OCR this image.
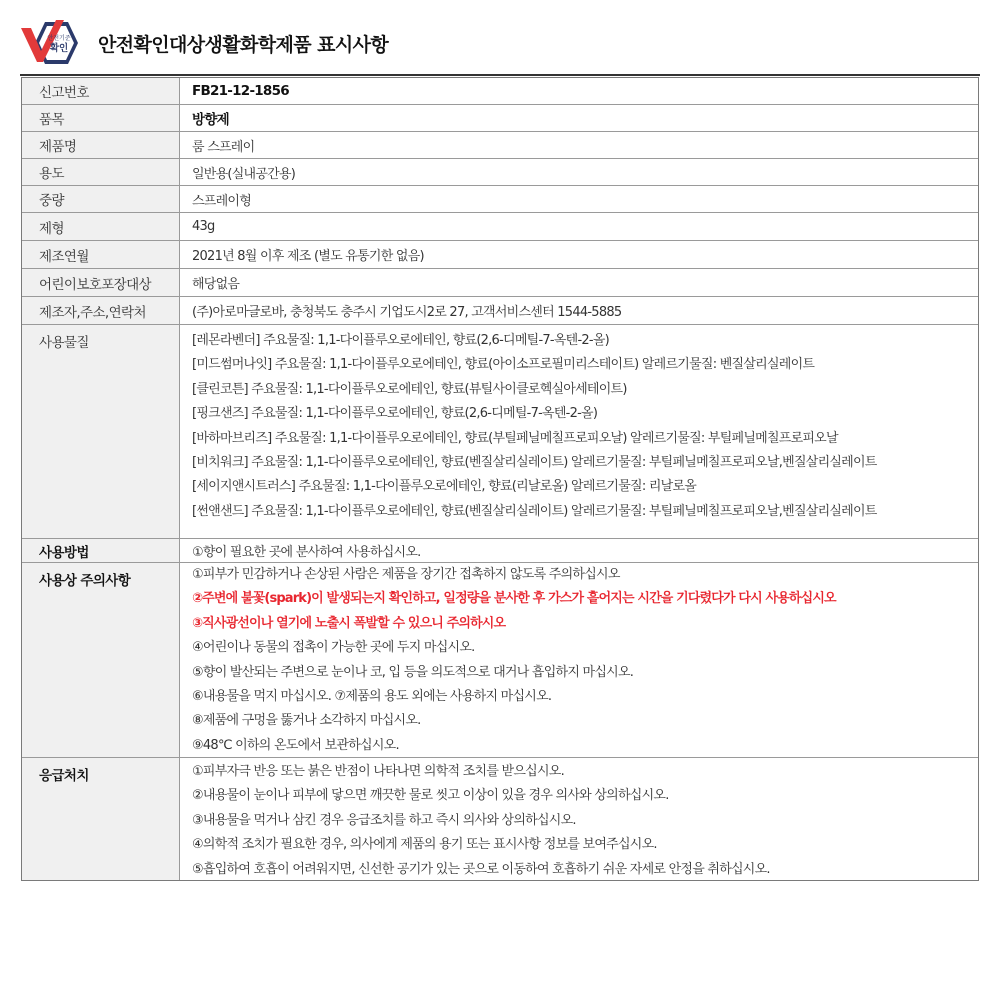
안전기준
확인 안전확인대상생활화학제품 표시사항
신고번호	FB21-12-1856
품목	방향제
제품명	룸 스프레이
용도	일반용(실내공간용)
중량	스프레이형
제형	43g
제조연월	2021년 8월 이후 제조 (별도 유통기한 없음)
어린이보호포장대상	해당없음
제조자,주소,연락처	(주)아로마글로바, 충청북도 충주시 기업도시2로 27, 고객서비스센터 1544-5885
사용물질	[레몬라벤더] 주요물질: 1,1-다이플루오로에테인, 향료(2,6-디메틸-7-옥텐-2-올)
[미드썸머나잇] 주요물질: 1,1-다이플루오로에테인, 향료(아이소프로필미리스테이트) 알레르기물질: 벤질살리실레이트
[클린코튼] 주요물질: 1,1-다이플루오로에테인, 향료(뷰틸사이클로헥실아세테이트)
[핑크샌즈] 주요물질: 1,1-다이플루오로에테인, 향료(2,6-디메틸-7-옥텐-2-올)
[바하마브리즈] 주요물질: 1,1-다이플루오로에테인, 향료(부틸페닐메칠프로피오날) 알레르기물질: 부틸페닐메칠프로피오날
[비치워크] 주요물질: 1,1-다이플루오로에테인, 향료(벤질살리실레이트) 알레르기물질: 부틸페닐메칠프로피오날,벤질살리실레이트
[세이지앤시트러스] 주요물질: 1,1-다이플루오로에테인, 향료(리날로올) 알레르기물질: 리날로올
[썬앤샌드] 주요물질: 1,1-다이플루오로에테인, 향료(벤질살리실레이트) 알레르기물질: 부틸페닐메칠프로피오날,벤질살리실레이트
사용방법	①향이 필요한 곳에 분사하여 사용하십시오.
사용상 주의사항	①피부가 민감하거나 손상된 사람은 제품을 장기간 접촉하지 않도록 주의하십시오
②주변에 불꽃(spark)이 발생되는지 확인하고, 일정량을 분사한 후 가스가 흩어지는 시간을 기다렸다가 다시 사용하십시오
③직사광선이나 열기에 노출시 폭발할 수 있으니 주의하시오
④어린이나 동물의 접촉이 가능한 곳에 두지 마십시오.
⑤향이 발산되는 주변으로 눈이나 코, 입 등을 의도적으로 대거나 흡입하지 마십시오.
⑥내용물을 먹지 마십시오. ⑦제품의 용도 외에는 사용하지 마십시오.
⑧제품에 구멍을 뚫거나 소각하지 마십시오.
⑨48℃ 이하의 온도에서 보관하십시오.
응급처치	①피부자극 반응 또는 붉은 반점이 나타나면 의학적 조치를 받으십시오.
②내용물이 눈이나 피부에 닿으면 깨끗한 물로 씻고 이상이 있을 경우 의사와 상의하십시오.
③내용물을 먹거나 삼킨 경우 응급조치를 하고 즉시 의사와 상의하십시오.
④의학적 조치가 필요한 경우, 의사에게 제품의 용기 또는 표시사항 정보를 보여주십시오.
⑤흡입하여 호흡이 어려워지면, 신선한 공기가 있는 곳으로 이동하여 호흡하기 쉬운 자세로 안정을 취하십시오.
